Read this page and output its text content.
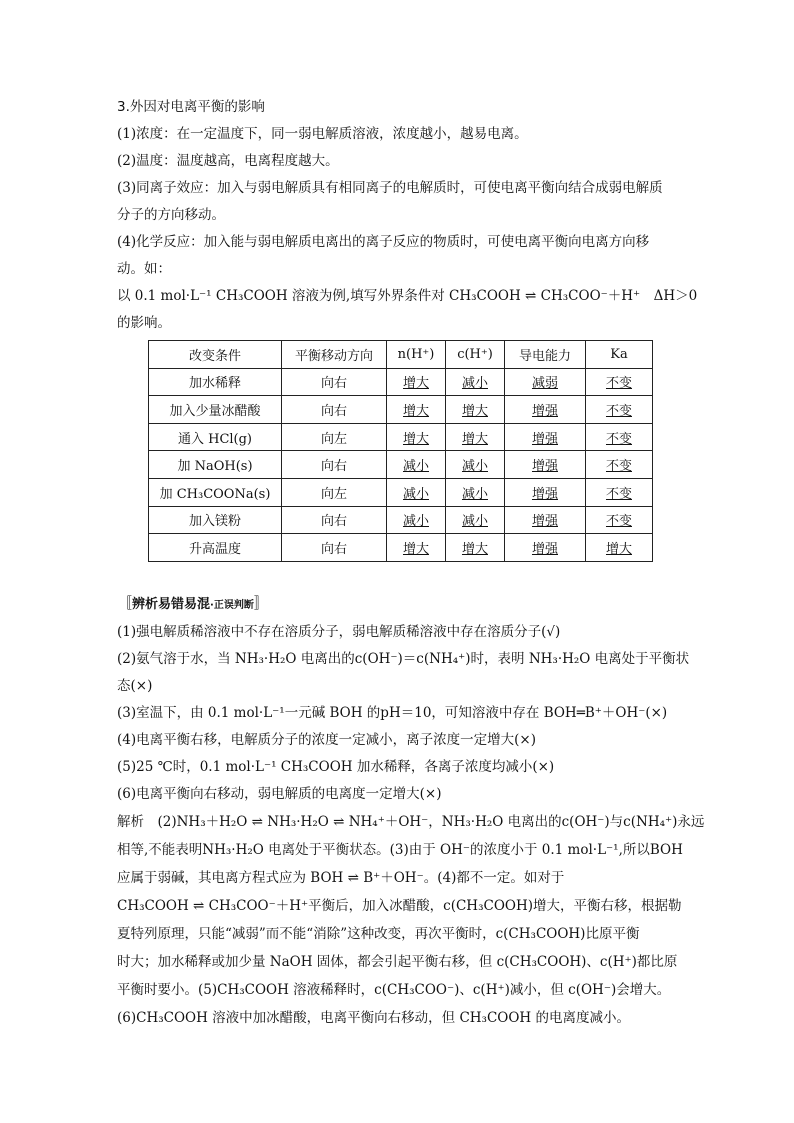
3.外因对电离平衡的影响
(1)浓度：在一定温度下，同一弱电解质溶液，浓度越小，越易电离。
(2)温度：温度越高，电离程度越大。
(3)同离子效应：加入与弱电解质具有相同离子的电解质时，可使电离平衡向结合成弱电解质
分子的方向移动。
(4)化学反应：加入能与弱电解质电离出的离子反应的物质时，可使电离平衡向电离方向移
动。如：
以 0.1 mol·L⁻¹ CH₃COOH 溶液为例,填写外界条件对 CH₃COOH ⇌ CH₃COO⁻＋H⁺　ΔH＞0
的影响。
改变条件	平衡移动方向	n(H⁺)	c(H⁺)	导电能力	Ka
加水稀释	向右	增大	减小	减弱	不变
加入少量冰醋酸	向右	增大	增大	增强	不变
通入 HCl(g)	向左	增大	增大	增强	不变
加 NaOH(s)	向右	减小	减小	增强	不变
加 CH₃COONa(s)	向左	减小	减小	增强	不变
加入镁粉	向右	减小	减小	增强	不变
升高温度	向右	增大	增大	增强	增大
〚辨析易错易混·正误判断〛
(1)强电解质稀溶液中不存在溶质分子，弱电解质稀溶液中存在溶质分子(√)
(2)氨气溶于水，当 NH₃·H₂O 电离出的c(OH⁻)＝c(NH₄⁺)时，表明 NH₃·H₂O 电离处于平衡状
态(×)
(3)室温下，由 0.1 mol·L⁻¹一元碱 BOH 的pH＝10，可知溶液中存在 BOH═B⁺＋OH⁻(×)
(4)电离平衡右移，电解质分子的浓度一定减小，离子浓度一定增大(×)
(5)25 ℃时，0.1 mol·L⁻¹ CH₃COOH 加水稀释，各离子浓度均减小(×)
(6)电离平衡向右移动，弱电解质的电离度一定增大(×)
解析　(2)NH₃＋H₂O ⇌ NH₃·H₂O ⇌ NH₄⁺＋OH⁻，NH₃·H₂O 电离出的c(OH⁻)与c(NH₄⁺)永远
相等,不能表明NH₃·H₂O 电离处于平衡状态。(3)由于 OH⁻的浓度小于 0.1 mol·L⁻¹,所以BOH
应属于弱碱，其电离方程式应为 BOH ⇌ B⁺＋OH⁻。(4)都不一定。如对于
CH₃COOH ⇌ CH₃COO⁻＋H⁺平衡后，加入冰醋酸，c(CH₃COOH)增大，平衡右移，根据勒
夏特列原理，只能“减弱”而不能“消除”这种改变，再次平衡时，c(CH₃COOH)比原平衡
时大；加水稀释或加少量 NaOH 固体，都会引起平衡右移，但 c(CH₃COOH)、c(H⁺)都比原
平衡时要小。(5)CH₃COOH 溶液稀释时，c(CH₃COO⁻)、c(H⁺)减小，但 c(OH⁻)会增大。
(6)CH₃COOH 溶液中加冰醋酸，电离平衡向右移动，但 CH₃COOH 的电离度减小。
